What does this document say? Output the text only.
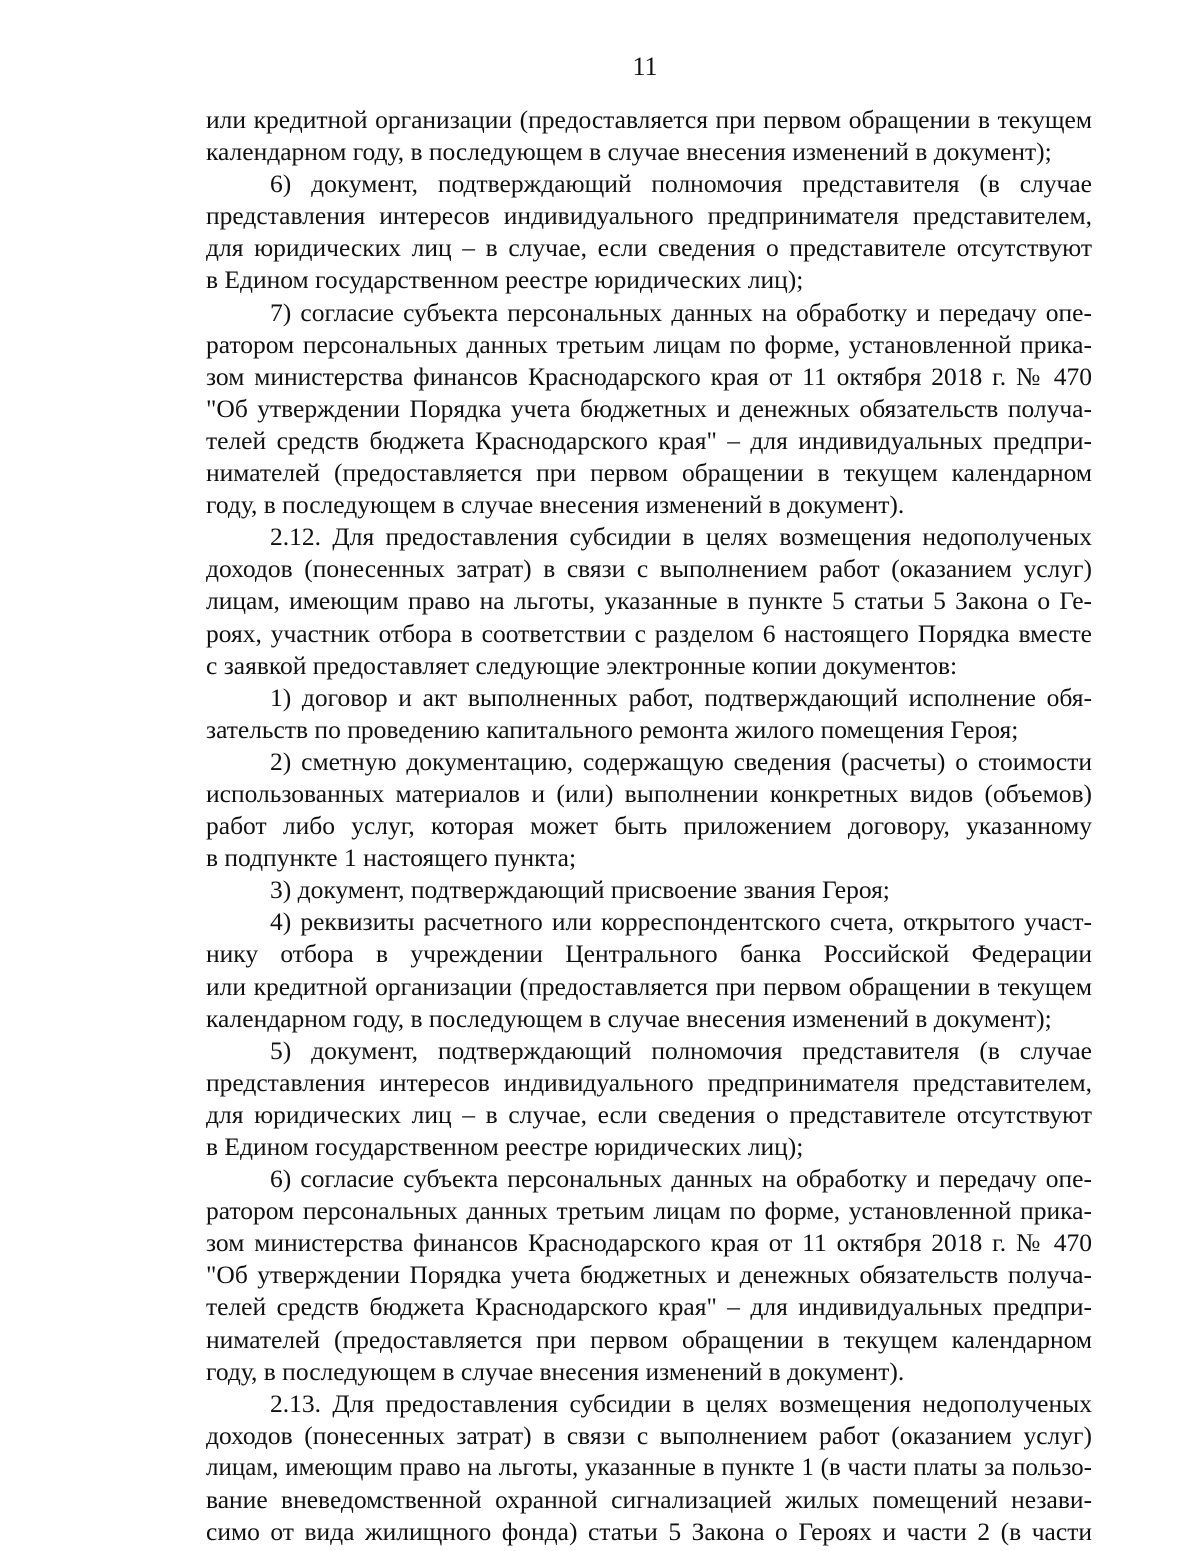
11
или кредитной организации (предоставляется при первом обращении в текущем
календарном году, в последующем в случае внесения изменений в документ);
6) документ, подтверждающий полномочия представителя (в случае
представления интересов индивидуального предпринимателя представителем,
для юридических лиц – в случае, если сведения о представителе отсутствуют
в Едином государственном реестре юридических лиц);
7) согласие субъекта персональных данных на обработку и передачу опе-
ратором персональных данных третьим лицам по форме, установленной прика-
зом министерства финансов Краснодарского края от 11 октября 2018 г. № 470
"Об утверждении Порядка учета бюджетных и денежных обязательств получа-
телей средств бюджета Краснодарского края" – для индивидуальных предпри-
нимателей (предоставляется при первом обращении в текущем календарном
году, в последующем в случае внесения изменений в документ).
2.12. Для предоставления субсидии в целях возмещения недополученых
доходов (понесенных затрат) в связи с выполнением работ (оказанием услуг)
лицам, имеющим право на льготы, указанные в пункте 5 статьи 5 Закона о Ге-
роях, участник отбора в соответствии с разделом 6 настоящего Порядка вместе
с заявкой предоставляет следующие электронные копии документов:
1) договор и акт выполненных работ, подтверждающий исполнение обя-
зательств по проведению капитального ремонта жилого помещения Героя;
2) сметную документацию, содержащую сведения (расчеты) о стоимости
использованных материалов и (или) выполнении конкретных видов (объемов)
работ либо услуг, которая может быть приложением договору, указанному
в подпункте 1 настоящего пункта;
3) документ, подтверждающий присвоение звания Героя;
4) реквизиты расчетного или корреспондентского счета, открытого участ-
нику отбора в учреждении Центрального банка Российской Федерации
или кредитной организации (предоставляется при первом обращении в текущем
календарном году, в последующем в случае внесения изменений в документ);
5) документ, подтверждающий полномочия представителя (в случае
представления интересов индивидуального предпринимателя представителем,
для юридических лиц – в случае, если сведения о представителе отсутствуют
в Едином государственном реестре юридических лиц);
6) согласие субъекта персональных данных на обработку и передачу опе-
ратором персональных данных третьим лицам по форме, установленной прика-
зом министерства финансов Краснодарского края от 11 октября 2018 г. № 470
"Об утверждении Порядка учета бюджетных и денежных обязательств получа-
телей средств бюджета Краснодарского края" – для индивидуальных предпри-
нимателей (предоставляется при первом обращении в текущем календарном
году, в последующем в случае внесения изменений в документ).
2.13. Для предоставления субсидии в целях возмещения недополученых
доходов (понесенных затрат) в связи с выполнением работ (оказанием услуг)
лицам, имеющим право на льготы, указанные в пункте 1 (в части платы за пользо-
вание вневедомственной охранной сигнализацией жилых помещений незави-
симо от вида жилищного фонда) статьи 5 Закона о Героях и части 2 (в части
